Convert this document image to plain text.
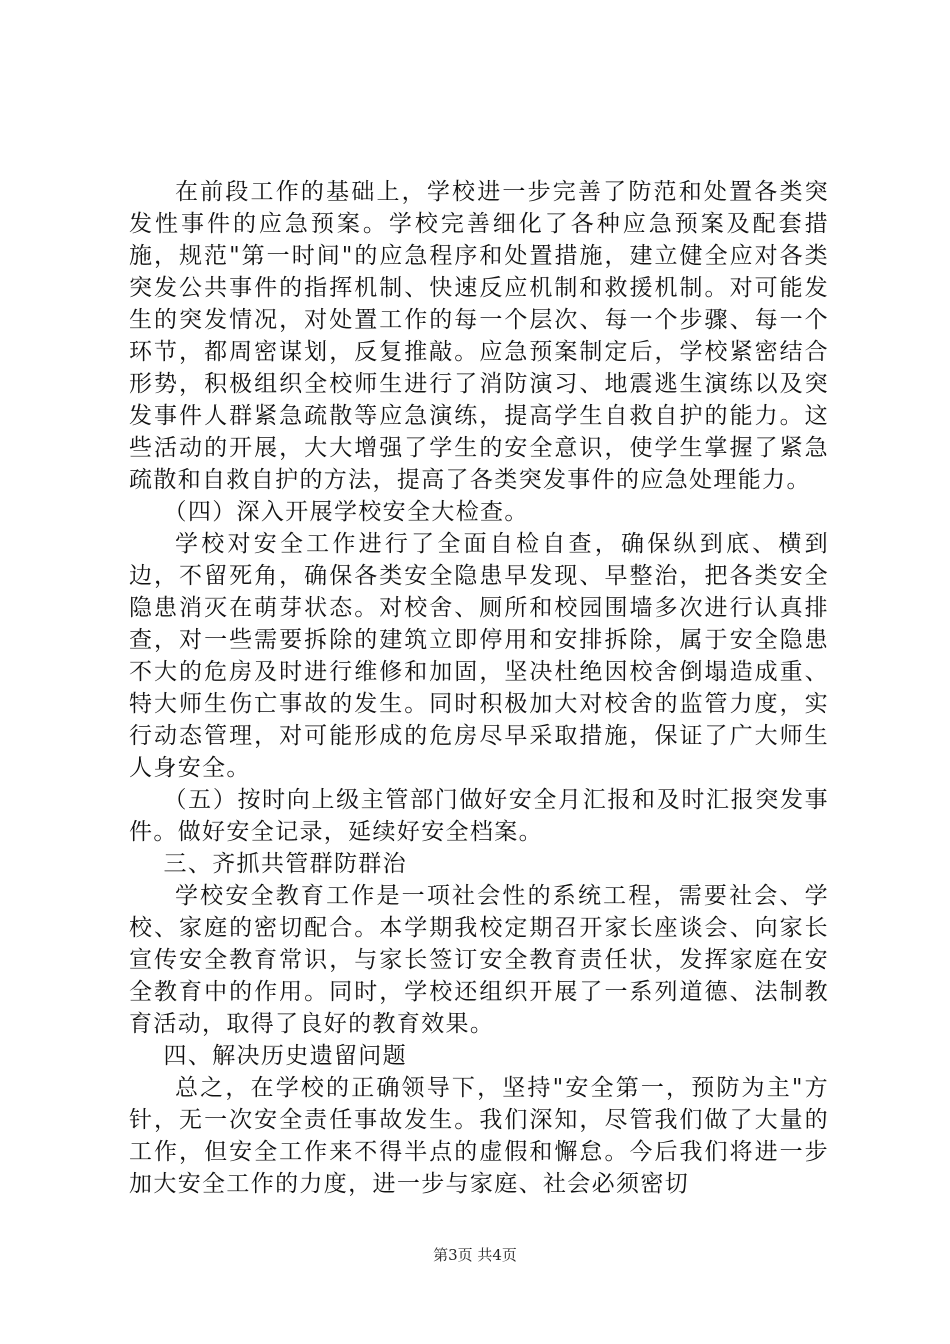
在前段工作的基础上，学校进一步完善了防范和处置各类突发性事件的应急预案。学校完善细化了各种应急预案及配套措施，规范"第一时间"的应急程序和处置措施，建立健全应对各类突发公共事件的指挥机制、快速反应机制和救援机制。对可能发生的突发情况，对处置工作的每一个层次、每一个步骤、每一个环节，都周密谋划，反复推敲。应急预案制定后，学校紧密结合形势，积极组织全校师生进行了消防演习、地震逃生演练以及突发事件人群紧急疏散等应急演练，提高学生自救自护的能力。这些活动的开展，大大增强了学生的安全意识，使学生掌握了紧急疏散和自救自护的方法，提高了各类突发事件的应急处理能力。

（四）深入开展学校安全大检查。

学校对安全工作进行了全面自检自查，确保纵到底、横到边，不留死角，确保各类安全隐患早发现、早整治，把各类安全隐患消灭在萌芽状态。对校舍、厕所和校园围墙多次进行认真排查，对一些需要拆除的建筑立即停用和安排拆除，属于安全隐患不大的危房及时进行维修和加固，坚决杜绝因校舍倒塌造成重、特大师生伤亡事故的发生。同时积极加大对校舍的监管力度，实行动态管理，对可能形成的危房尽早采取措施，保证了广大师生人身安全。

（五）按时向上级主管部门做好安全月汇报和及时汇报突发事件。做好安全记录，延续好安全档案。

三、齐抓共管群防群治

学校安全教育工作是一项社会性的系统工程，需要社会、学校、家庭的密切配合。本学期我校定期召开家长座谈会、向家长宣传安全教育常识，与家长签订安全教育责任状，发挥家庭在安全教育中的作用。同时，学校还组织开展了一系列道德、法制教育活动，取得了良好的教育效果。

四、解决历史遗留问题

总之，在学校的正确领导下，坚持"安全第一，预防为主"方针，无一次安全责任事故发生。我们深知，尽管我们做了大量的工作，但安全工作来不得半点的虚假和懈怠。今后我们将进一步加大安全工作的力度，进一步与家庭、社会必须密切

第3页 共4页
